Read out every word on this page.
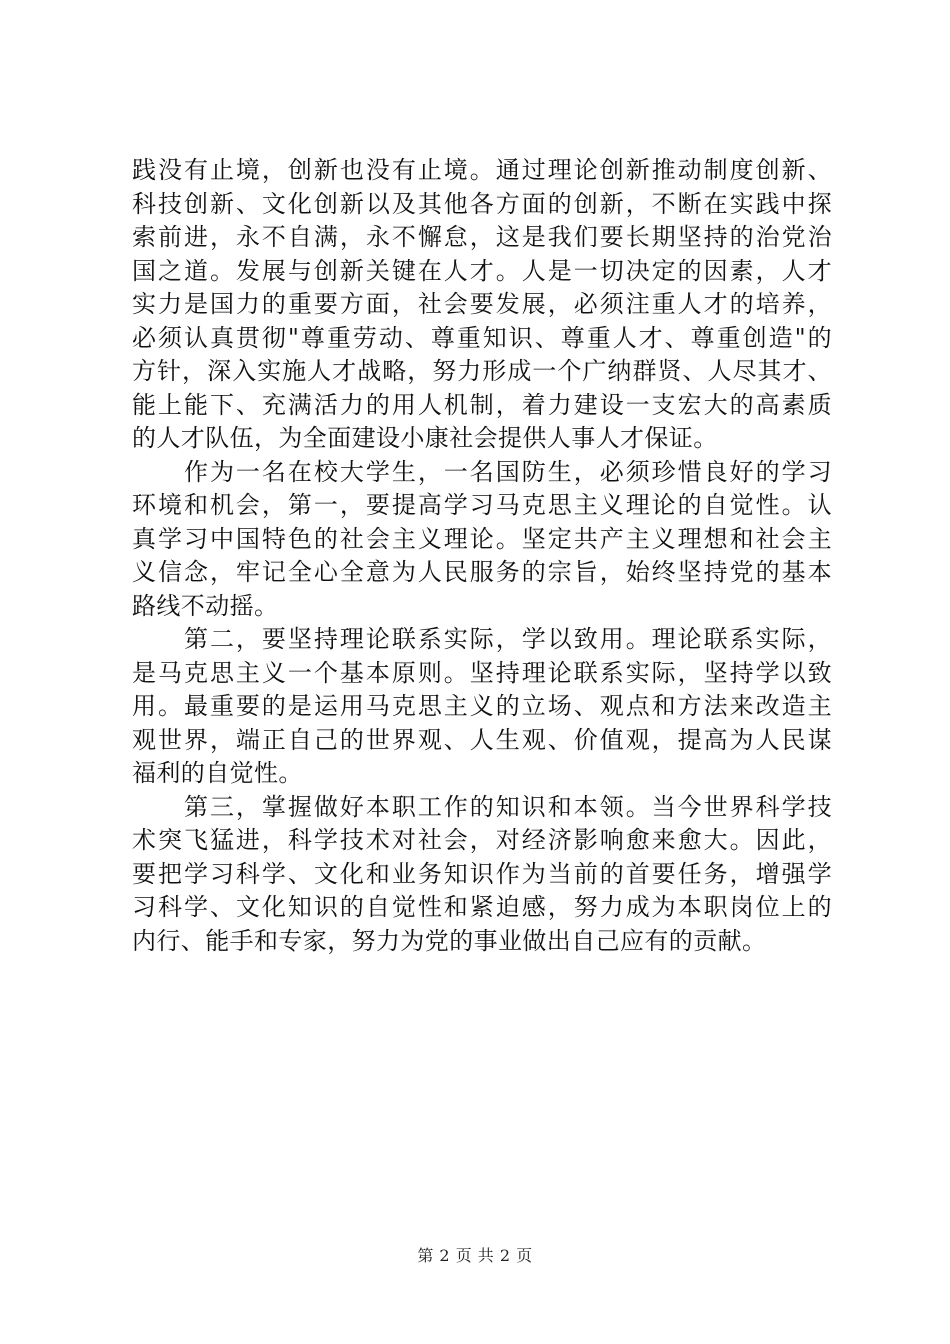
践没有止境，创新也没有止境。通过理论创新推动制度创新、
科技创新、文化创新以及其他各方面的创新，不断在实践中探
索前进，永不自满，永不懈怠，这是我们要长期坚持的治党治
国之道。发展与创新关键在人才。人是一切决定的因素，人才
实力是国力的重要方面，社会要发展，必须注重人才的培养，
必须认真贯彻"尊重劳动、尊重知识、尊重人才、尊重创造"的
方针，深入实施人才战略，努力形成一个广纳群贤、人尽其才、
能上能下、充满活力的用人机制，着力建设一支宏大的高素质
的人才队伍，为全面建设小康社会提供人事人才保证。
　　作为一名在校大学生，一名国防生，必须珍惜良好的学习
环境和机会，第一，要提高学习马克思主义理论的自觉性。认
真学习中国特色的社会主义理论。坚定共产主义理想和社会主
义信念，牢记全心全意为人民服务的宗旨，始终坚持党的基本
路线不动摇。
　　第二，要坚持理论联系实际，学以致用。理论联系实际，
是马克思主义一个基本原则。坚持理论联系实际，坚持学以致
用。最重要的是运用马克思主义的立场、观点和方法来改造主
观世界，端正自己的世界观、人生观、价值观，提高为人民谋
福利的自觉性。
　　第三，掌握做好本职工作的知识和本领。当今世界科学技
术突飞猛进，科学技术对社会，对经济影响愈来愈大。因此，
要把学习科学、文化和业务知识作为当前的首要任务，增强学
习科学、文化知识的自觉性和紧迫感，努力成为本职岗位上的
内行、能手和专家，努力为党的事业做出自己应有的贡献。
第 2 页 共 2 页
